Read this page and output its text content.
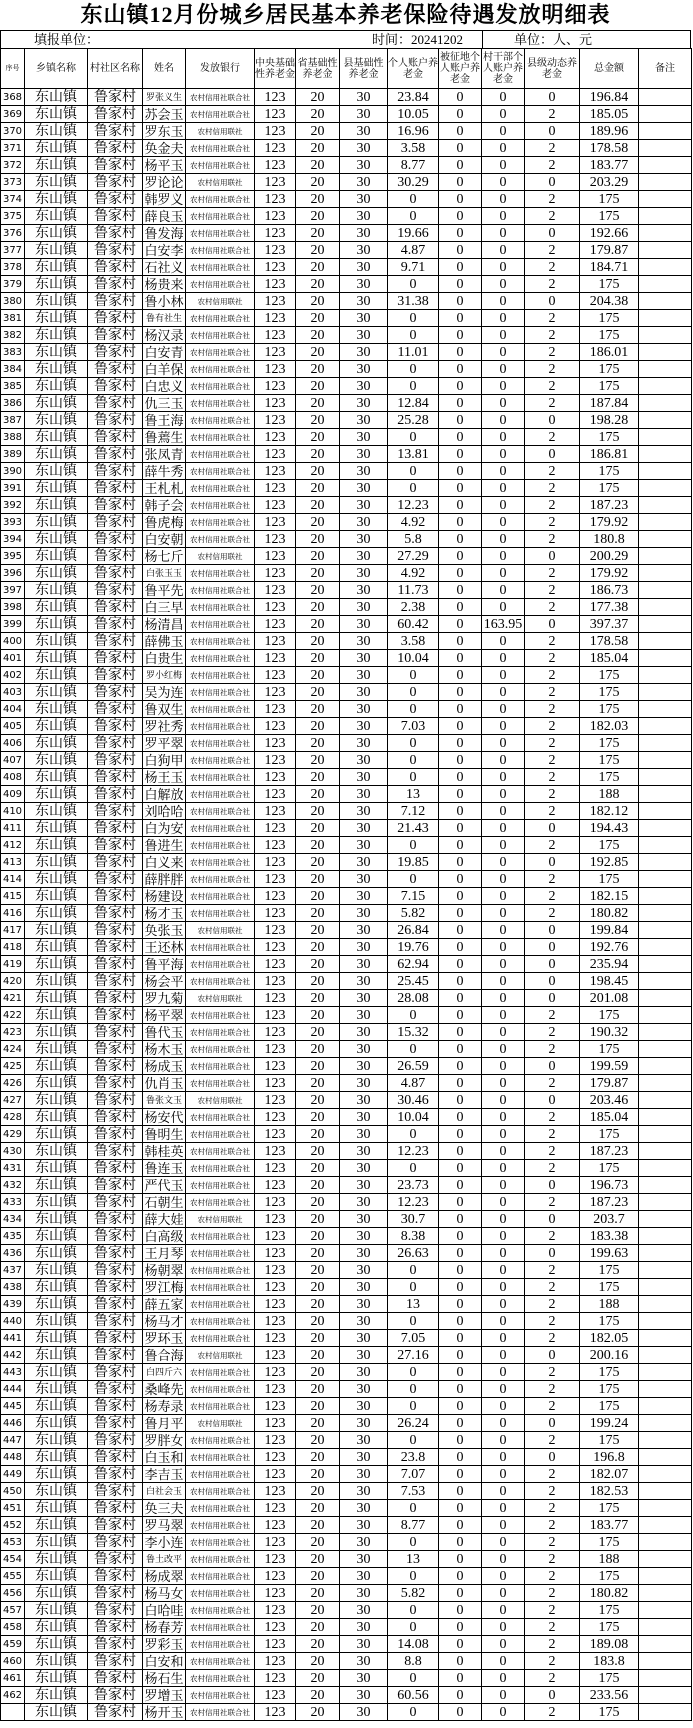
东山镇12月份城乡居民基本养老保险待遇发放明细表
填报单位：	时间：20241202	单位：人、元
序号	乡镇名称	村社区名称	姓名	发放银行	中央基础性养老金	省基础性养老金	县基础性养老金	个人账户养老金	被征地个人账户养老金	村干部个人账户养老金	县级动态养老金	总金额	备注
368	东山镇	鲁家村	罗张义生	农村信用社联合社	123	20	30	23.84	0	0	0	196.84	
369	东山镇	鲁家村	苏会玉	农村信用社联合社	123	20	30	10.05	0	0	2	185.05	
370	东山镇	鲁家村	罗东玉	农村信用联社	123	20	30	16.96	0	0	0	189.96	
371	东山镇	鲁家村	奂金夫	农村信用社联合社	123	20	30	3.58	0	0	2	178.58	
372	东山镇	鲁家村	杨平玉	农村信用社联合社	123	20	30	8.77	0	0	2	183.77	
373	东山镇	鲁家村	罗论论	农村信用联社	123	20	30	30.29	0	0	0	203.29	
374	东山镇	鲁家村	韩罗义	农村信用社联合社	123	20	30	0	0	0	2	175	
375	东山镇	鲁家村	薛良玉	农村信用社联合社	123	20	30	0	0	0	2	175	
376	东山镇	鲁家村	鲁发海	农村信用社联合社	123	20	30	19.66	0	0	0	192.66	
377	东山镇	鲁家村	白安李	农村信用社联合社	123	20	30	4.87	0	0	2	179.87	
378	东山镇	鲁家村	石社义	农村信用社联合社	123	20	30	9.71	0	0	2	184.71	
379	东山镇	鲁家村	杨贵来	农村信用社联合社	123	20	30	0	0	0	2	175	
380	东山镇	鲁家村	鲁小林	农村信用联社	123	20	30	31.38	0	0	0	204.38	
381	东山镇	鲁家村	鲁有社生	农村信用社联合社	123	20	30	0	0	0	2	175	
382	东山镇	鲁家村	杨汉录	农村信用社联合社	123	20	30	0	0	0	2	175	
383	东山镇	鲁家村	白安青	农村信用社联合社	123	20	30	11.01	0	0	2	186.01	
384	东山镇	鲁家村	白羊保	农村信用社联合社	123	20	30	0	0	0	2	175	
385	东山镇	鲁家村	白忠义	农村信用社联合社	123	20	30	0	0	0	2	175	
386	东山镇	鲁家村	仇三玉	农村信用社联合社	123	20	30	12.84	0	0	2	187.84	
387	东山镇	鲁家村	鲁王海	农村信用社联合社	123	20	30	25.28	0	0	0	198.28	
388	东山镇	鲁家村	鲁蔫生	农村信用社联合社	123	20	30	0	0	0	2	175	
389	东山镇	鲁家村	张凤青	农村信用社联合社	123	20	30	13.81	0	0	0	186.81	
390	东山镇	鲁家村	薛牛秀	农村信用社联合社	123	20	30	0	0	0	2	175	
391	东山镇	鲁家村	王札札	农村信用社联合社	123	20	30	0	0	0	2	175	
392	东山镇	鲁家村	韩子会	农村信用社联合社	123	20	30	12.23	0	0	2	187.23	
393	东山镇	鲁家村	鲁虎梅	农村信用社联合社	123	20	30	4.92	0	0	2	179.92	
394	东山镇	鲁家村	白安朝	农村信用社联合社	123	20	30	5.8	0	0	2	180.8	
395	东山镇	鲁家村	杨七斤	农村信用联社	123	20	30	27.29	0	0	0	200.29	
396	东山镇	鲁家村	白张玉玉	农村信用社联合社	123	20	30	4.92	0	0	2	179.92	
397	东山镇	鲁家村	鲁平先	农村信用社联合社	123	20	30	11.73	0	0	2	186.73	
398	东山镇	鲁家村	白三早	农村信用社联合社	123	20	30	2.38	0	0	2	177.38	
399	东山镇	鲁家村	杨清昌	农村信用社联合社	123	20	30	60.42	0	163.95	0	397.37	
400	东山镇	鲁家村	薛佛玉	农村信用社联合社	123	20	30	3.58	0	0	2	178.58	
401	东山镇	鲁家村	白贵生	农村信用社联合社	123	20	30	10.04	0	0	2	185.04	
402	东山镇	鲁家村	罗小红梅	农村信用社联合社	123	20	30	0	0	0	2	175	
403	东山镇	鲁家村	吴为连	农村信用社联合社	123	20	30	0	0	0	2	175	
404	东山镇	鲁家村	鲁双生	农村信用社联合社	123	20	30	0	0	0	2	175	
405	东山镇	鲁家村	罗社秀	农村信用社联合社	123	20	30	7.03	0	0	2	182.03	
406	东山镇	鲁家村	罗平翠	农村信用社联合社	123	20	30	0	0	0	2	175	
407	东山镇	鲁家村	白狗甲	农村信用社联合社	123	20	30	0	0	0	2	175	
408	东山镇	鲁家村	杨王玉	农村信用社联合社	123	20	30	0	0	0	2	175	
409	东山镇	鲁家村	白解放	农村信用社联合社	123	20	30	13	0	0	2	188	
410	东山镇	鲁家村	刘哈哈	农村信用社联合社	123	20	30	7.12	0	0	2	182.12	
411	东山镇	鲁家村	白为安	农村信用社联合社	123	20	30	21.43	0	0	0	194.43	
412	东山镇	鲁家村	鲁进生	农村信用社联合社	123	20	30	0	0	0	2	175	
413	东山镇	鲁家村	白义来	农村信用社联合社	123	20	30	19.85	0	0	0	192.85	
414	东山镇	鲁家村	薛胖胖	农村信用社联合社	123	20	30	0	0	0	2	175	
415	东山镇	鲁家村	杨建设	农村信用社联合社	123	20	30	7.15	0	0	2	182.15	
416	东山镇	鲁家村	杨才玉	农村信用社联合社	123	20	30	5.82	0	0	2	180.82	
417	东山镇	鲁家村	奂张玉	农村信用联社	123	20	30	26.84	0	0	0	199.84	
418	东山镇	鲁家村	王还林	农村信用社联合社	123	20	30	19.76	0	0	0	192.76	
419	东山镇	鲁家村	鲁平海	农村信用社联合社	123	20	30	62.94	0	0	0	235.94	
420	东山镇	鲁家村	杨会平	农村信用社联合社	123	20	30	25.45	0	0	0	198.45	
421	东山镇	鲁家村	罗九菊	农村信用联社	123	20	30	28.08	0	0	0	201.08	
422	东山镇	鲁家村	杨平翠	农村信用社联合社	123	20	30	0	0	0	2	175	
423	东山镇	鲁家村	鲁代玉	农村信用社联合社	123	20	30	15.32	0	0	2	190.32	
424	东山镇	鲁家村	杨木玉	农村信用社联合社	123	20	30	0	0	0	2	175	
425	东山镇	鲁家村	杨成玉	农村信用社联合社	123	20	30	26.59	0	0	0	199.59	
426	东山镇	鲁家村	仇肖玉	农村信用社联合社	123	20	30	4.87	0	0	2	179.87	
427	东山镇	鲁家村	鲁张文玉	农村信用联社	123	20	30	30.46	0	0	0	203.46	
428	东山镇	鲁家村	杨安代	农村信用社联合社	123	20	30	10.04	0	0	2	185.04	
429	东山镇	鲁家村	鲁明生	农村信用社联合社	123	20	30	0	0	0	2	175	
430	东山镇	鲁家村	韩桂英	农村信用社联合社	123	20	30	12.23	0	0	2	187.23	
431	东山镇	鲁家村	鲁连玉	农村信用社联合社	123	20	30	0	0	0	2	175	
432	东山镇	鲁家村	严代玉	农村信用社联合社	123	20	30	23.73	0	0	0	196.73	
433	东山镇	鲁家村	石朝生	农村信用社联合社	123	20	30	12.23	0	0	2	187.23	
434	东山镇	鲁家村	薛大娃	农村信用联社	123	20	30	30.7	0	0	0	203.7	
435	东山镇	鲁家村	白高级	农村信用社联合社	123	20	30	8.38	0	0	2	183.38	
436	东山镇	鲁家村	王月琴	农村信用社联合社	123	20	30	26.63	0	0	0	199.63	
437	东山镇	鲁家村	杨朝翠	农村信用社联合社	123	20	30	0	0	0	2	175	
438	东山镇	鲁家村	罗江梅	农村信用社联合社	123	20	30	0	0	0	2	175	
439	东山镇	鲁家村	薛五家	农村信用社联合社	123	20	30	13	0	0	2	188	
440	东山镇	鲁家村	杨马才	农村信用社联合社	123	20	30	0	0	0	2	175	
441	东山镇	鲁家村	罗环玉	农村信用社联合社	123	20	30	7.05	0	0	2	182.05	
442	东山镇	鲁家村	鲁合海	农村信用联社	123	20	30	27.16	0	0	0	200.16	
443	东山镇	鲁家村	白四斤六	农村信用社联合社	123	20	30	0	0	0	2	175	
444	东山镇	鲁家村	桑峰先	农村信用社联合社	123	20	30	0	0	0	2	175	
445	东山镇	鲁家村	杨寿录	农村信用社联合社	123	20	30	0	0	0	2	175	
446	东山镇	鲁家村	鲁月平	农村信用联社	123	20	30	26.24	0	0	0	199.24	
447	东山镇	鲁家村	罗胖女	农村信用社联合社	123	20	30	0	0	0	2	175	
448	东山镇	鲁家村	白玉和	农村信用社联合社	123	20	30	23.8	0	0	0	196.8	
449	东山镇	鲁家村	李吉玉	农村信用社联合社	123	20	30	7.07	0	0	2	182.07	
450	东山镇	鲁家村	白社会玉	农村信用社联合社	123	20	30	7.53	0	0	2	182.53	
451	东山镇	鲁家村	奂三夫	农村信用社联合社	123	20	30	0	0	0	2	175	
452	东山镇	鲁家村	罗马翠	农村信用社联合社	123	20	30	8.77	0	0	2	183.77	
453	东山镇	鲁家村	李小连	农村信用社联合社	123	20	30	0	0	0	2	175	
454	东山镇	鲁家村	鲁土改平	农村信用社联合社	123	20	30	13	0	0	2	188	
455	东山镇	鲁家村	杨成翠	农村信用社联合社	123	20	30	0	0	0	2	175	
456	东山镇	鲁家村	杨马女	农村信用社联合社	123	20	30	5.82	0	0	2	180.82	
457	东山镇	鲁家村	白哈哇	农村信用社联合社	123	20	30	0	0	0	2	175	
458	东山镇	鲁家村	杨春芳	农村信用社联合社	123	20	30	0	0	0	2	175	
459	东山镇	鲁家村	罗彩玉	农村信用社联合社	123	20	30	14.08	0	0	2	189.08	
460	东山镇	鲁家村	白安和	农村信用社联合社	123	20	30	8.8	0	0	2	183.8	
461	东山镇	鲁家村	杨石生	农村信用社联合社	123	20	30	0	0	0	2	175	
462	东山镇	鲁家村	罗增玉	农村信用社联合社	123	20	30	60.56	0	0	0	233.56	
	东山镇	鲁家村	杨开玉	农村信用社联合社	123	20	30	0	0	0	2	175	
